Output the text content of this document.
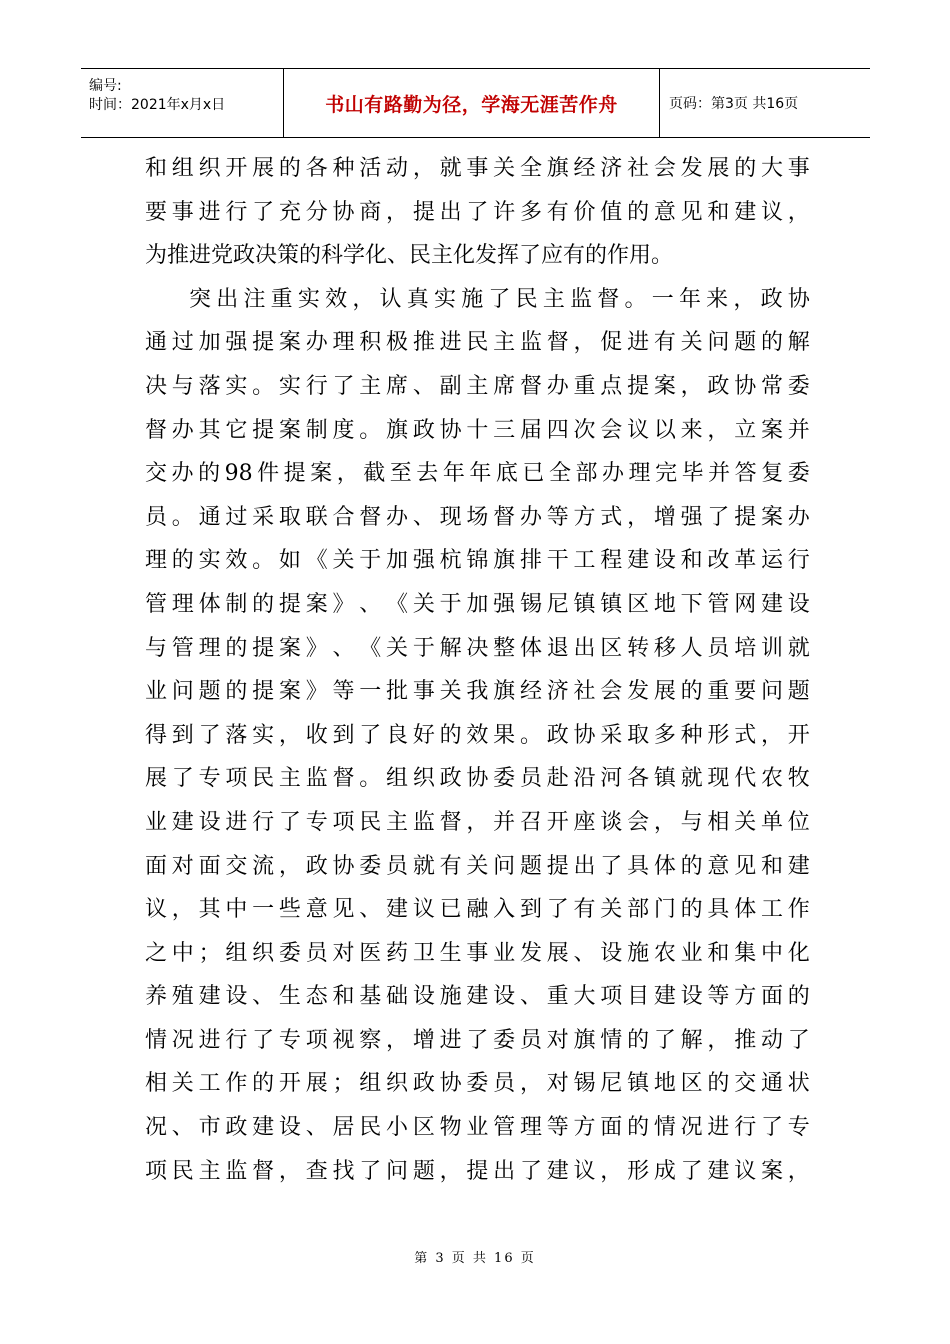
编号:
时间：2021年x月x日	书山有路勤为径，学海无涯苦作舟	页码：第3页 共16页
和 组 织 开 展 的 各 种 活 动 ， 就 事 关 全 旗 经 济 社 会 发 展 的 大 事
要 事 进 行 了 充 分 协 商 ， 提 出 了 许 多 有 价 值 的 意 见 和 建 议 ，
为推进党政决策的科学化、民主化发挥了应有的作用。
突 出 注 重 实 效 ， 认 真 实 施 了 民 主 监 督 。 一 年 来 ， 政 协
通 过 加 强 提 案 办 理 积 极 推 进 民 主 监 督 ， 促 进 有 关 问 题 的 解
决 与 落 实 。 实 行 了 主 席 、 副 主 席 督 办 重 点 提 案 ， 政 协 常 委
督 办 其 它 提 案 制 度 。 旗 政 协 十 三 届 四 次 会 议 以 来 ， 立 案 并
交 办 的 98 件 提 案 ， 截 至 去 年 年 底 已 全 部 办 理 完 毕 并 答 复 委
员 。 通 过 采 取 联 合 督 办 、 现 场 督 办 等 方 式 ， 增 强 了 提 案 办
理 的 实 效 。 如 《 关 于 加 强 杭 锦 旗 排 干 工 程 建 设 和 改 革 运 行
管 理 体 制 的 提 案 》 、 《 关 于 加 强 锡 尼 镇 镇 区 地 下 管 网 建 设
与 管 理 的 提 案 》 、 《 关 于 解 决 整 体 退 出 区 转 移 人 员 培 训 就
业 问 题 的 提 案 》 等 一 批 事 关 我 旗 经 济 社 会 发 展 的 重 要 问 题
得 到 了 落 实 ， 收 到 了 良 好 的 效 果 。 政 协 采 取 多 种 形 式 ， 开
展 了 专 项 民 主 监 督 。 组 织 政 协 委 员 赴 沿 河 各 镇 就 现 代 农 牧
业 建 设 进 行 了 专 项 民 主 监 督 ， 并 召 开 座 谈 会 ， 与 相 关 单 位
面 对 面 交 流 ， 政 协 委 员 就 有 关 问 题 提 出 了 具 体 的 意 见 和 建
议 ， 其 中 一 些 意 见 、 建 议 已 融 入 到 了 有 关 部 门 的 具 体 工 作
之 中 ； 组 织 委 员 对 医 药 卫 生 事 业 发 展 、 设 施 农 业 和 集 中 化
养 殖 建 设 、 生 态 和 基 础 设 施 建 设 、 重 大 项 目 建 设 等 方 面 的
情 况 进 行 了 专 项 视 察 ， 增 进 了 委 员 对 旗 情 的 了 解 ， 推 动 了
相 关 工 作 的 开 展 ； 组 织 政 协 委 员 ， 对 锡 尼 镇 地 区 的 交 通 状
况 、 市 政 建 设 、 居 民 小 区 物 业 管 理 等 方 面 的 情 况 进 行 了 专
项 民 主 监 督 ， 查 找 了 问 题 ， 提 出 了 建 议 ， 形 成 了 建 议 案 ，
第 3 页 共 16 页
